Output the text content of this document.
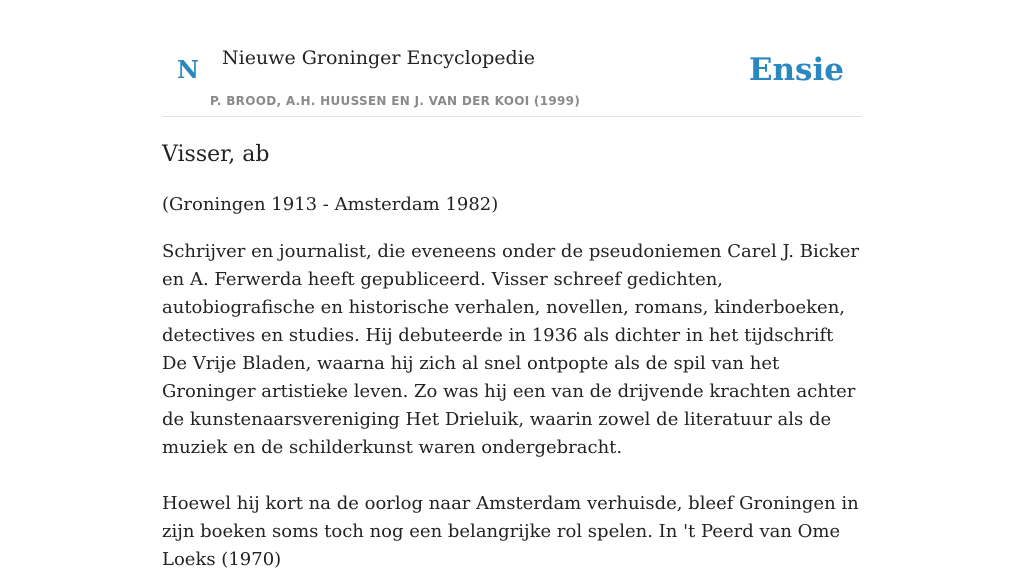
N Nieuwe Groninger Encyclopedie
P. BROOD, A.H. HUUSSEN EN J. VAN DER KOOI (1999)
Ensie
Visser, ab
(Groningen 1913 - Amsterdam 1982)

Schrijver en journalist, die eveneens onder de pseudoniemen Carel J. Bicker en A. Ferwerda heeft gepubliceerd. Visser schreef gedichten, autobiografische en historische verhalen, novellen, romans, kinderboeken, detectives en studies. Hij debuteerde in 1936 als dichter in het tijdschrift De Vrije Bladen, waarna hij zich al snel ontpopte als de spil van het Groninger artistieke leven. Zo was hij een van de drijvende krachten achter de kunstenaarsvereniging Het Drieluik, waarin zowel de literatuur als de muziek en de schilderkunst waren ondergebracht.

Hoewel hij kort na de oorlog naar Amsterdam verhuisde, bleef Groningen in zijn boeken soms toch nog een belangrijke rol spelen. In 't Peerd van Ome Loeks (1970)
